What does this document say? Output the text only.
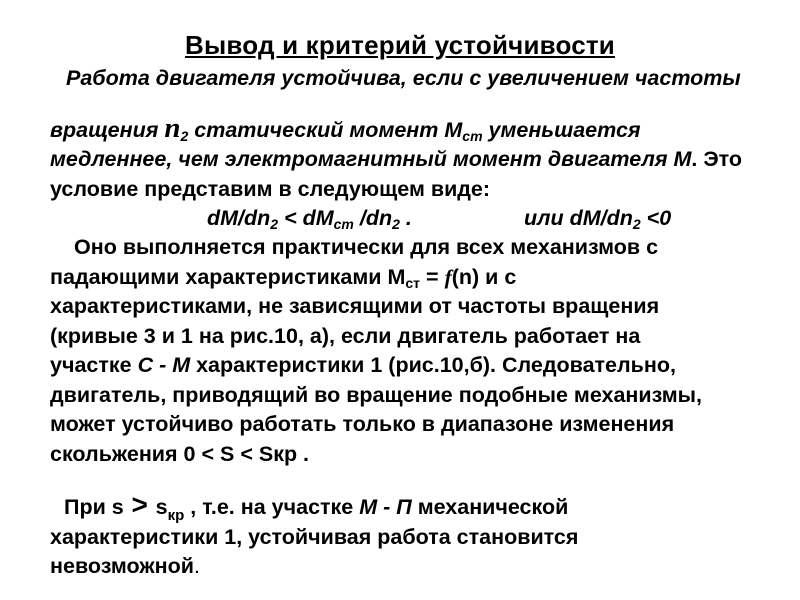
Вывод и критерий устойчивости
Работа двигателя устойчива, если с увеличением частоты
вращения $n_2$ статический момент $M_{ст}$ уменьшается
медленнее, чем электромагнитный момент двигателя M. Это
условие представим в следующем виде:
$dM/dn_2 < dM_{ст}$ $/dn_2$ .	или $dM/dn_2 <0$
Оно выполняется практически для всех механизмов с
падающими характеристиками $M_{ст} = f(n)$ и с
характеристиками, не зависящими от частоты вращения
(кривые 3 и 1 на рис.10, а), если двигатель работает на
участке С - М характеристики 1 (рис.10,б). Следовательно,
двигатель, приводящий во вращение подобные механизмы,
может устойчиво работать только в диапазоне изменения
скольжения 0 < S < Sкр .
При $s > s_{кр}$ , т.е. на участке М - П механической
характеристики 1, устойчивая работа становится
невозможной.
